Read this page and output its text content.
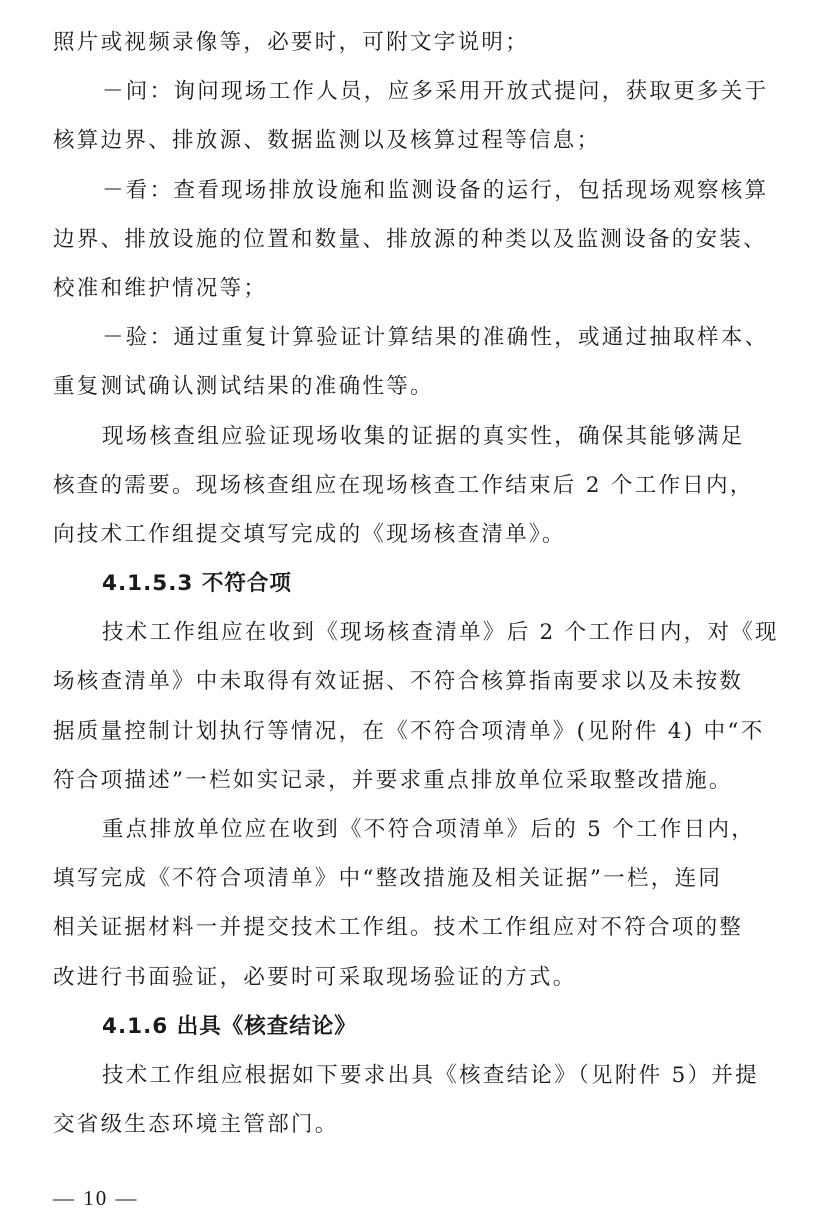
照片或视频录像等，必要时，可附文字说明；
－问：询问现场工作人员，应多采用开放式提问，获取更多关于
核算边界、排放源、数据监测以及核算过程等信息；
－看：查看现场排放设施和监测设备的运行，包括现场观察核算
边界、排放设施的位置和数量、排放源的种类以及监测设备的安装、
校准和维护情况等；
－验：通过重复计算验证计算结果的准确性，或通过抽取样本、
重复测试确认测试结果的准确性等。
现场核查组应验证现场收集的证据的真实性，确保其能够满足
核查的需要。现场核查组应在现场核查工作结束后 2 个工作日内，
向技术工作组提交填写完成的《现场核查清单》。
4.1.5.3 不符合项
技术工作组应在收到《现场核查清单》后 2 个工作日内，对《现
场核查清单》中未取得有效证据、不符合核算指南要求以及未按数
据质量控制计划执行等情况，在《不符合项清单》(见附件 4) 中“不
符合项描述”一栏如实记录，并要求重点排放单位采取整改措施。
重点排放单位应在收到《不符合项清单》后的 5 个工作日内，
填写完成《不符合项清单》中“整改措施及相关证据”一栏，连同
相关证据材料一并提交技术工作组。技术工作组应对不符合项的整
改进行书面验证，必要时可采取现场验证的方式。
4.1.6 出具《核查结论》
技术工作组应根据如下要求出具《核查结论》（见附件 5）并提
交省级生态环境主管部门。
— 10 —
